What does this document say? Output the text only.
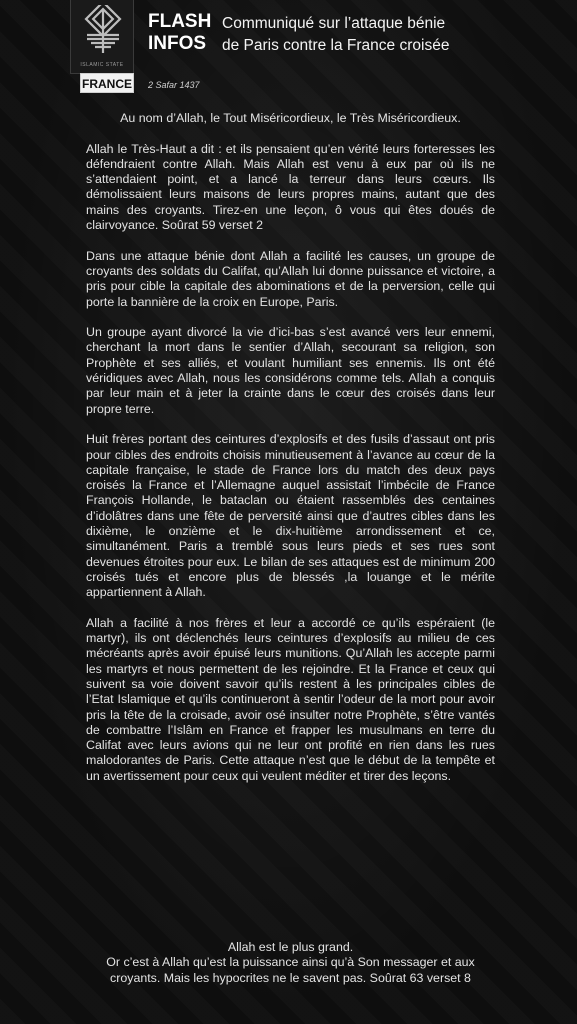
ISLAMIC STATE
FRANCE
FLASH
INFOS
Communiqué sur l’attaque bénie
de Paris contre la France croisée
2 Safar 1437

Au nom d’Allah, le Tout Miséricordieux, le Très Miséricordieux.

Allah le Très-Haut a dit : et ils pensaient qu’en vérité leurs forteresses les défendraient contre Allah. Mais Allah est venu à eux par où ils ne s’attendaient point, et a lancé la terreur dans leurs cœurs. Ils démolissaient leurs maisons de leurs propres mains, autant que des mains des croyants. Tirez-en une leçon, ô vous qui êtes doués de clairvoyance. Soûrat 59 verset 2

Dans une attaque bénie dont Allah a facilité les causes, un groupe de croyants des soldats du Califat, qu’Allah lui donne puissance et victoire, a pris pour cible la capitale des abominations et de la perversion, celle qui porte la bannière de la croix en Europe, Paris.

Un groupe ayant divorcé la vie d’ici-bas s’est avancé vers leur ennemi, cherchant la mort dans le sentier d’Allah, secourant sa religion, son Prophète et ses alliés, et voulant humiliant ses ennemis. Ils ont été véridiques avec Allah, nous les considérons comme tels. Allah a conquis par leur main et à jeter la crainte dans le cœur des croisés dans leur propre terre.

Huit frères portant des ceintures d’explosifs et des fusils d’assaut ont pris pour cibles des endroits choisis minutieusement à l’avance au cœur de la capitale française, le stade de France lors du match des deux pays croisés la France et l’Allemagne auquel assistait l’imbécile de France François Hollande, le bataclan ou étaient rassemblés des centaines d’idolâtres dans une fête de perversité ainsi que d’autres cibles dans les dixième, le onzième et le dix-huitième arrondissement et ce, simultanément. Paris a tremblé sous leurs pieds et ses rues sont devenues étroites pour eux. Le bilan de ses attaques est de minimum 200 croisés tués et encore plus de blessés ,la louange et le mérite appartiennent à Allah.

Allah a facilité à nos frères et leur a accordé ce qu’ils espéraient (le martyr), ils ont déclenchés leurs ceintures d’explosifs au milieu de ces mécréants après avoir épuisé leurs munitions. Qu’Allah les accepte parmi les martyrs et nous permettent de les rejoindre. Et la France et ceux qui suivent sa voie doivent savoir qu’ils restent à les principales cibles de l’Etat Islamique et qu’ils continueront à sentir l’odeur de la mort pour avoir pris la tête de la croisade, avoir osé insulter notre Prophète, s’être vantés de combattre l’Islâm en France et frapper les musulmans en terre du Califat avec leurs avions qui ne leur ont profité en rien dans les rues malodorantes de Paris. Cette attaque n’est que le début de la tempête et un avertissement pour ceux qui veulent méditer et tirer des leçons.

Allah est le plus grand.
Or c’est à Allah qu’est la puissance ainsi qu’à Son messager et aux croyants. Mais les hypocrites ne le savent pas. Soûrat 63 verset 8
